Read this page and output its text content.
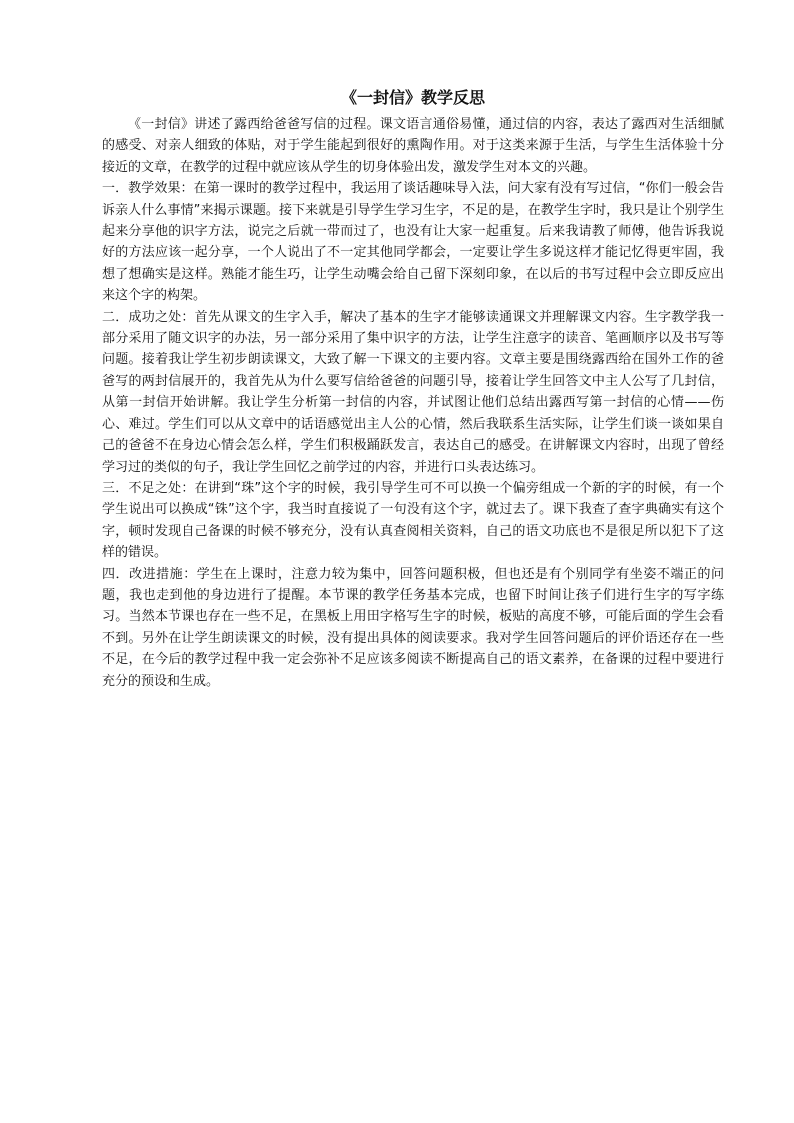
《一封信》教学反思

《一封信》讲述了露西给爸爸写信的过程。课文语言通俗易懂，通过信的内容，表达了露西对生活细腻的感受、对亲人细致的体贴，对于学生能起到很好的熏陶作用。对于这类来源于生活，与学生生活体验十分接近的文章，在教学的过程中就应该从学生的切身体验出发，激发学生对本文的兴趣。

一．教学效果：在第一课时的教学过程中，我运用了谈话趣味导入法，问大家有没有写过信，“你们一般会告诉亲人什么事情”来揭示课题。接下来就是引导学生学习生字，不足的是，在教学生字时，我只是让个别学生起来分享他的识字方法，说完之后就一带而过了，也没有让大家一起重复。后来我请教了师傅，他告诉我说好的方法应该一起分享，一个人说出了不一定其他同学都会，一定要让学生多说这样才能记忆得更牢固，我想了想确实是这样。熟能才能生巧，让学生动嘴会给自己留下深刻印象，在以后的书写过程中会立即反应出来这个字的构架。

二．成功之处：首先从课文的生字入手，解决了基本的生字才能够读通课文并理解课文内容。生字教学我一部分采用了随文识字的办法，另一部分采用了集中识字的方法，让学生注意字的读音、笔画顺序以及书写等问题。接着我让学生初步朗读课文，大致了解一下课文的主要内容。文章主要是围绕露西给在国外工作的爸爸写的两封信展开的，我首先从为什么要写信给爸爸的问题引导，接着让学生回答文中主人公写了几封信，从第一封信开始讲解。我让学生分析第一封信的内容，并试图让他们总结出露西写第一封信的心情——伤心、难过。学生们可以从文章中的话语感觉出主人公的心情，然后我联系生活实际，让学生们谈一谈如果自己的爸爸不在身边心情会怎么样，学生们积极踊跃发言，表达自己的感受。在讲解课文内容时，出现了曾经学习过的类似的句子，我让学生回忆之前学过的内容，并进行口头表达练习。

三．不足之处：在讲到“珠”这个字的时候，我引导学生可不可以换一个偏旁组成一个新的字的时候，有一个学生说出可以换成“铢”这个字，我当时直接说了一句没有这个字，就过去了。课下我查了查字典确实有这个字，顿时发现自己备课的时候不够充分，没有认真查阅相关资料，自己的语文功底也不是很足所以犯下了这样的错误。

四．改进措施：学生在上课时，注意力较为集中，回答问题积极，但也还是有个别同学有坐姿不端正的问题，我也走到他的身边进行了提醒。本节课的教学任务基本完成，也留下时间让孩子们进行生字的写字练习。当然本节课也存在一些不足，在黑板上用田字格写生字的时候，板贴的高度不够，可能后面的学生会看不到。另外在让学生朗读课文的时候，没有提出具体的阅读要求。我对学生回答问题后的评价语还存在一些不足，在今后的教学过程中我一定会弥补不足应该多阅读不断提高自己的语文素养，在备课的过程中要进行充分的预设和生成。
